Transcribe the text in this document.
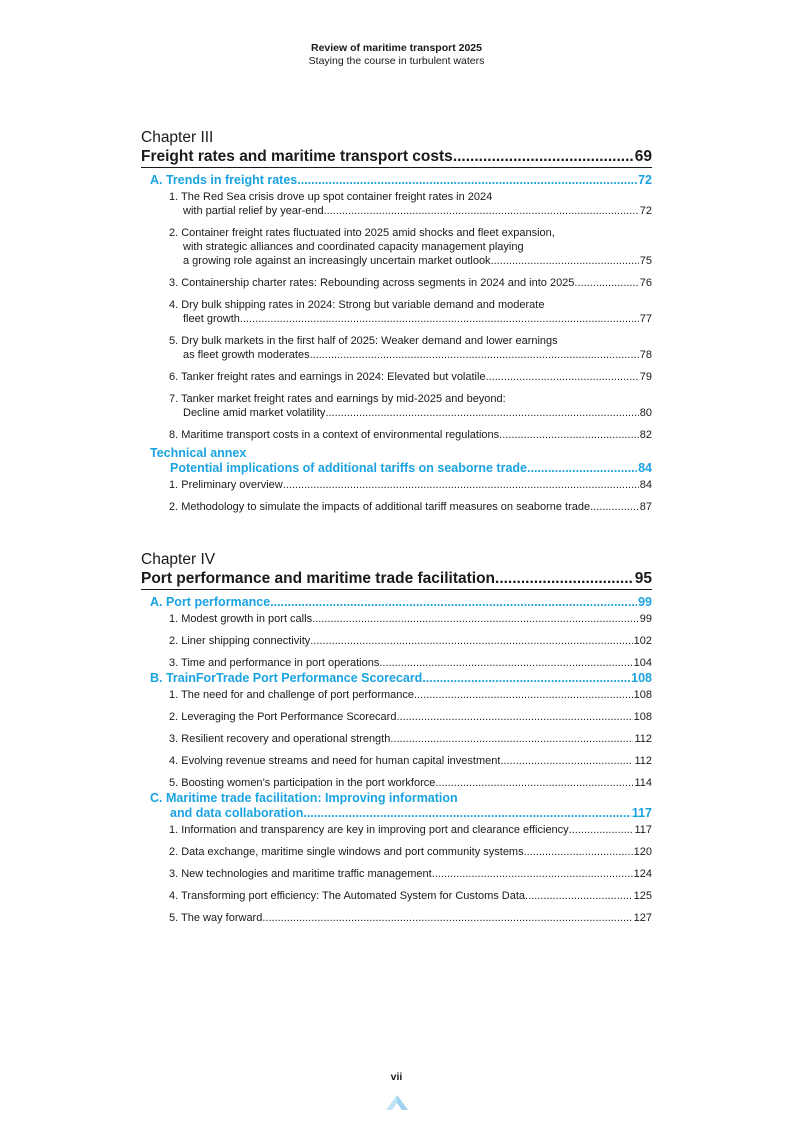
Review of maritime transport 2025
Staying the course in turbulent waters
Chapter III
Freight rates and maritime transport costs .....	69
A. Trends in freight rates .....	72
1. The Red Sea crisis drove up spot container freight rates in 2024
with partial relief by year-end .....	72
2. Container freight rates fluctuated into 2025 amid shocks and fleet expansion,
with strategic alliances and coordinated capacity management playing
a growing role against an increasingly uncertain market outlook .....	75
3. Containership charter rates: Rebounding across segments in 2024 and into 2025 .....	76
4. Dry bulk shipping rates in 2024: Strong but variable demand and moderate
fleet growth .....	77
5. Dry bulk markets in the first half of 2025: Weaker demand and lower earnings
as fleet growth moderates .....	78
6. Tanker freight rates and earnings in 2024: Elevated but volatile .....	79
7. Tanker market freight rates and earnings by mid-2025 and beyond:
Decline amid market volatility .....	80
8. Maritime transport costs in a context of environmental regulations .....	82
Technical annex
Potential implications of additional tariffs on seaborne trade .....	84
1. Preliminary overview .....	84
2. Methodology to simulate the impacts of additional tariff measures on seaborne trade .....	87
Chapter IV
Port performance and maritime trade facilitation .....	95
A. Port performance .....	99
1. Modest growth in port calls .....	99
2. Liner shipping connectivity .....	102
3. Time and performance in port operations .....	104
B. TrainForTrade Port Performance Scorecard .....	108
1. The need for and challenge of port performance .....	108
2. Leveraging the Port Performance Scorecard .....	108
3. Resilient recovery and operational strength .....	112
4. Evolving revenue streams and need for human capital investment .....	112
5. Boosting women’s participation in the port workforce .....	114
C. Maritime trade facilitation: Improving information
and data collaboration .....	117
1. Information and transparency are key in improving port and clearance efficiency .....	117
2. Data exchange, maritime single windows and port community systems .....	120
3. New technologies and maritime traffic management .....	124
4. Transforming port efficiency: The Automated System for Customs Data .....	125
5. The way forward .....	127
vii
